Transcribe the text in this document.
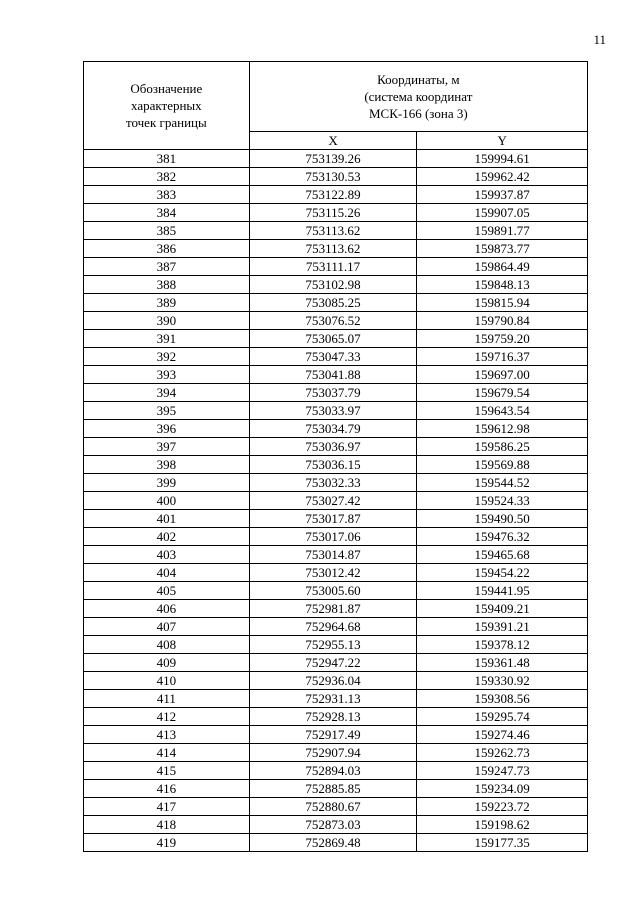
11
Обозначение
характерных
точек границы	Координаты, м
(система координат
МСК-166 (зона 3)	

	X	Y
381	753139.26	159994.61
382	753130.53	159962.42
383	753122.89	159937.87
384	753115.26	159907.05
385	753113.62	159891.77
386	753113.62	159873.77
387	753111.17	159864.49
388	753102.98	159848.13
389	753085.25	159815.94
390	753076.52	159790.84
391	753065.07	159759.20
392	753047.33	159716.37
393	753041.88	159697.00
394	753037.79	159679.54
395	753033.97	159643.54
396	753034.79	159612.98
397	753036.97	159586.25
398	753036.15	159569.88
399	753032.33	159544.52
400	753027.42	159524.33
401	753017.87	159490.50
402	753017.06	159476.32
403	753014.87	159465.68
404	753012.42	159454.22
405	753005.60	159441.95
406	752981.87	159409.21
407	752964.68	159391.21
408	752955.13	159378.12
409	752947.22	159361.48
410	752936.04	159330.92
411	752931.13	159308.56
412	752928.13	159295.74
413	752917.49	159274.46
414	752907.94	159262.73
415	752894.03	159247.73
416	752885.85	159234.09
417	752880.67	159223.72
418	752873.03	159198.62
419	752869.48	159177.35
